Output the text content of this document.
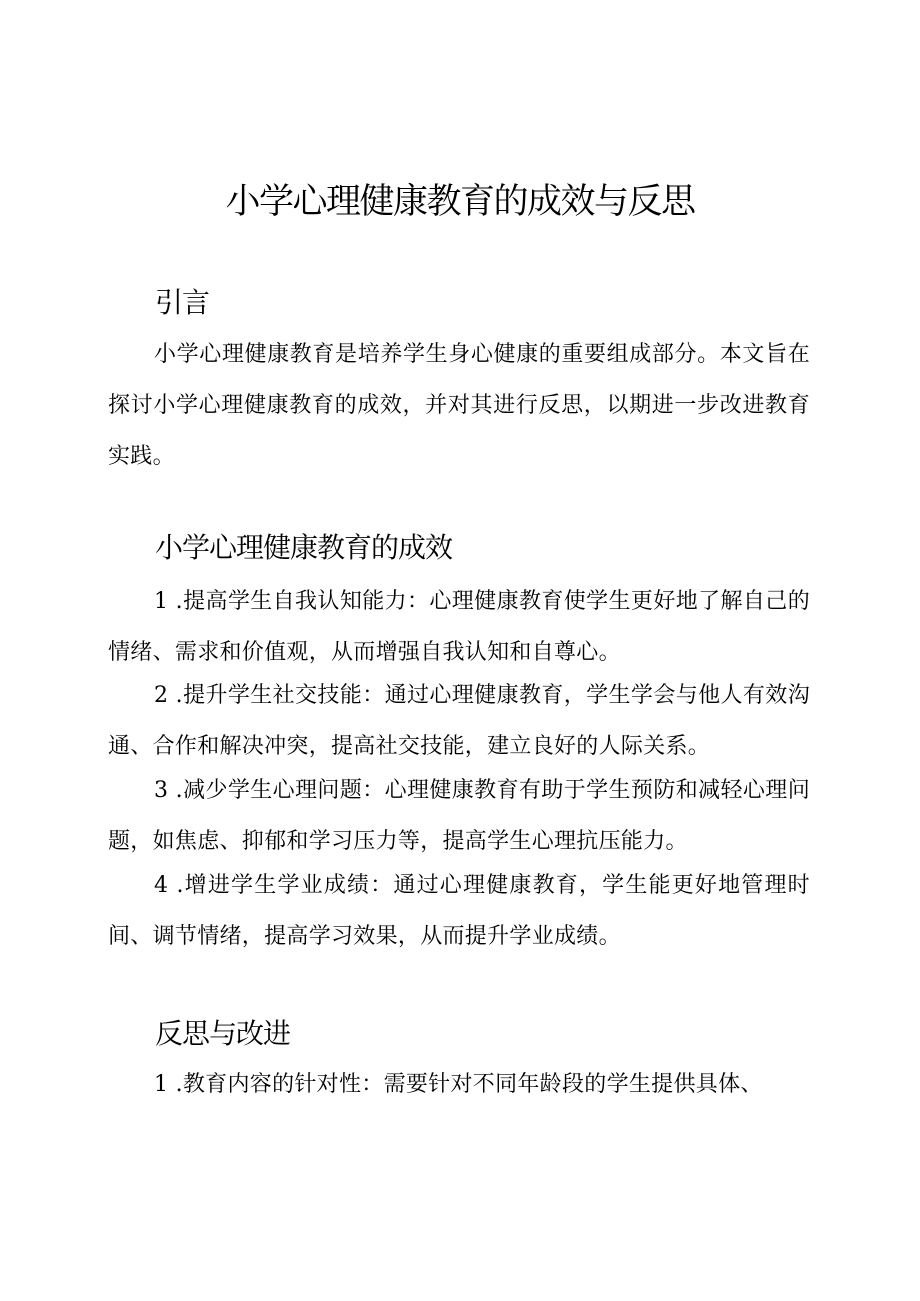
小学心理健康教育的成效与反思
引言

小学心理健康教育是培养学生身心健康的重要组成部分。本文旨在探讨小学心理健康教育的成效，并对其进行反思，以期进一步改进教育实践。

小学心理健康教育的成效

1 .提高学生自我认知能力：心理健康教育使学生更好地了解自己的情绪、需求和价值观，从而增强自我认知和自尊心。

2 .提升学生社交技能：通过心理健康教育，学生学会与他人有效沟通、合作和解决冲突，提高社交技能，建立良好的人际关系。

3 .减少学生心理问题：心理健康教育有助于学生预防和减轻心理问题，如焦虑、抑郁和学习压力等，提高学生心理抗压能力。

4 .增进学生学业成绩：通过心理健康教育，学生能更好地管理时间、调节情绪，提高学习效果，从而提升学业成绩。

反思与改进

1 .教育内容的针对性：需要针对不同年龄段的学生提供具体、
